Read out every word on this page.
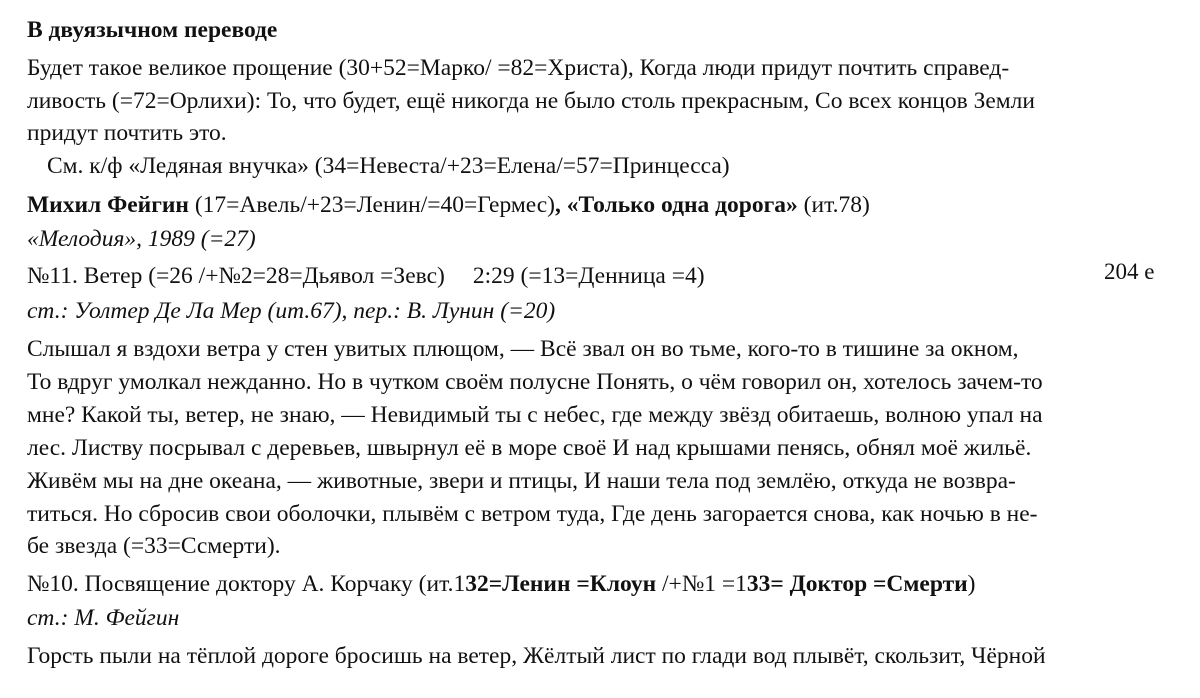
В двуязычном переводе
Будет такое великое прощение (30+52=Марко/ =82=Христа), Когда люди придут почтить справед-
ливость (=72=Орлихи): То, что будет, ещё никогда не было столь прекрасным, Со всех концов Земли
придут почтить это.
См. к/ф «Ледяная внучка» (34=Невеста/+23=Елена/=57=Принцесса)
Михил Фейгин (17=Авель/+23=Ленин/=40=Гермес), «Только одна дорога» (ит.78)
«Мелодия», 1989 (=27)
№11. Ветер (=26 /+№2=28=Дьявол =Зевс) 2:29 (=13=Денница =4)	204 е
ст.: Уолтер Де Ла Мер (ит.67), пер.: В. Лунин (=20)
Слышал я вздохи ветра у стен увитых плющом, — Всё звал он во тьме, кого-то в тишине за окном,
То вдруг умолкал нежданно. Но в чутком своём полусне Понять, о чём говорил он, хотелось зачем-то
мне? Какой ты, ветер, не знаю, — Невидимый ты с небес, где между звёзд обитаешь, волною упал на
лес. Листву посрывал с деревьев, швырнул её в море своё И над крышами пенясь, обнял моё жильё.
Живём мы на дне океана, — животные, звери и птицы, И наши тела под землёю, откуда не возвра-
титься. Но сбросив свои оболочки, плывём с ветром туда, Где день загорается снова, как ночью в не-
бе звезда (=33=Ссмерти).
№10. Посвящение доктору А. Корчаку (ит.132=Ленин =Клоун /+№1 =133= Доктор =Смерти)
ст.: М. Фейгин
Горсть пыли на тёплой дороге бросишь на ветер, Жёлтый лист по глади вод плывёт, скользит, Чёрной
